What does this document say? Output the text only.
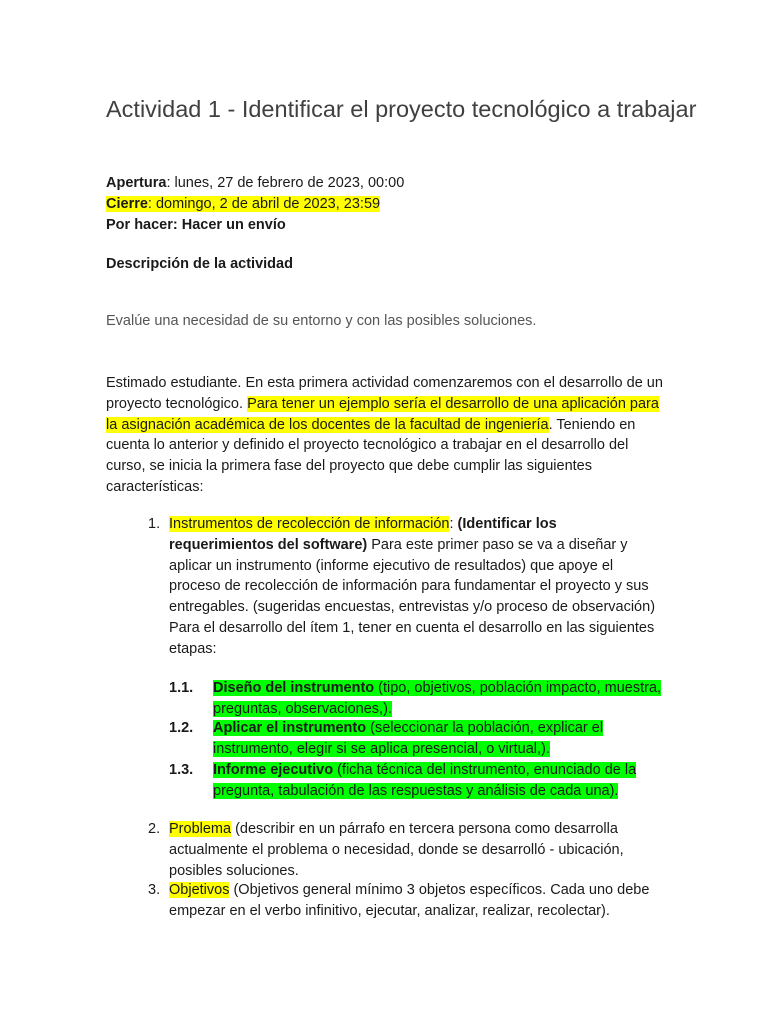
Actividad 1 - Identificar el proyecto tecnológico a trabajar
Apertura: lunes, 27 de febrero de 2023, 00:00
Cierre: domingo, 2 de abril de 2023, 23:59
Por hacer: Hacer un envío
Descripción de la actividad
Evalúe una necesidad de su entorno y con las posibles soluciones.

Estimado estudiante. En esta primera actividad comenzaremos con el desarrollo de un proyecto tecnológico. Para tener un ejemplo sería el desarrollo de una aplicación para la asignación académica de los docentes de la facultad de ingeniería. Teniendo en cuenta lo anterior y definido el proyecto tecnológico a trabajar en el desarrollo del curso, se inicia la primera fase del proyecto que debe cumplir las siguientes características:

1. Instrumentos de recolección de información: (Identificar los requerimientos del software) Para este primer paso se va a diseñar y aplicar un instrumento (informe ejecutivo de resultados) que apoye el proceso de recolección de información para fundamentar el proyecto y sus entregables. (sugeridas encuestas, entrevistas y/o proceso de observación) Para el desarrollo del ítem 1, tener en cuenta el desarrollo en las siguientes etapas:

1.1. Diseño del instrumento (tipo, objetivos, población impacto, muestra, preguntas, observaciones,).

1.2. Aplicar el instrumento (seleccionar la población, explicar el instrumento, elegir si se aplica presencial, o virtual,).

1.3. Informe ejecutivo (ficha técnica del instrumento, enunciado de la pregunta, tabulación de las respuestas y análisis de cada una).

2. Problema (describir en un párrafo en tercera persona como desarrolla actualmente el problema o necesidad, donde se desarrolló - ubicación, posibles soluciones.

3. Objetivos (Objetivos general mínimo 3 objetos específicos. Cada uno debe empezar en el verbo infinitivo, ejecutar, analizar, realizar, recolectar).
